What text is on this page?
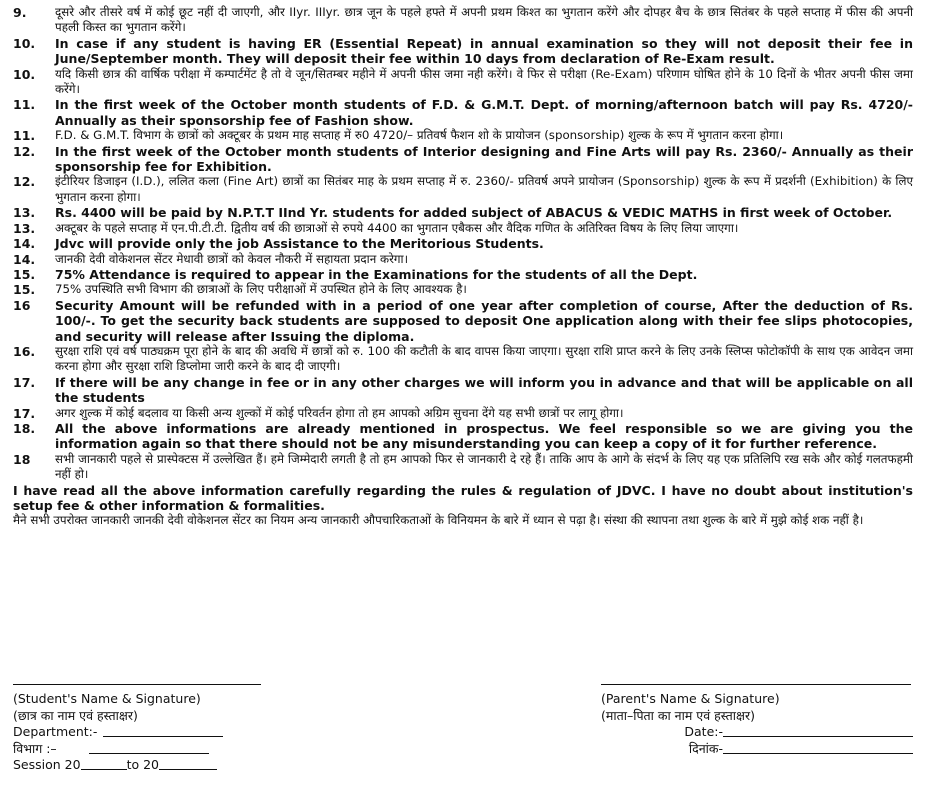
9.	दूसरे और तीसरे वर्ष में कोई छूट नहीं दी जाएगी, और IIyr. IIIyr. छात्र जून के पहले हफ्ते में अपनी प्रथम किश्त का भुगतान करेंगे और दोपहर बैच के छात्र सितंबर के पहले सप्ताह में फीस की अपनी पहली किस्त का भुगतान करेंगे।
10.	In case if any student is having ER (Essential Repeat) in annual examination so they will not deposit their fee in June/September month. They will deposit their fee within 10 days from declaration of Re-Exam result.
10.	यदि किसी छात्र की वार्षिक परीक्षा में कम्पार्टमेंट है तो वे जून/सितम्बर महीने में अपनी फीस जमा नही करेंगे। वे फिर से परीक्षा (Re-Exam) परिणाम घोषित होने के 10 दिनों के भीतर अपनी फीस जमा करेंगे।
11.	In the first week of the October month students of F.D. & G.M.T. Dept. of morning/afternoon batch will pay Rs. 4720/- Annually as their sponsorship fee of Fashion show.
11.	F.D. & G.M.T. विभाग के छात्रों को अक्टूबर के प्रथम माह सप्ताह में रु0 4720/– प्रतिवर्ष फैशन शो के प्रायोजन (sponsorship) शुल्क के रूप में भुगतान करना होगा।
12.	In the first week of the October month students of Interior designing and Fine Arts will pay Rs. 2360/- Annually as their sponsorship fee for Exhibition.
12.	इंटीरियर डिजाइन (I.D.), ललित कला (Fine Art) छात्रों का सितंबर माह के प्रथम सप्ताह में रु. 2360/- प्रतिवर्ष अपने प्रायोजन (Sponsorship) शुल्क के रूप में प्रदर्शनी (Exhibition) के लिए भुगतान करना होगा।
13.	Rs. 4400 will be paid by N.P.T.T IInd Yr. students for added subject of ABACUS & VEDIC MATHS in first week of October.
13.	अक्टूबर के पहले सप्ताह में एन.पी.टी.टी. द्वितीय वर्ष की छात्राओं से रुपये 4400 का भुगतान एबैकस और वैदिक गणित के अतिरिक्त विषय के लिए लिया जाएगा।
14.	Jdvc will provide only the job Assistance to the Meritorious Students.
14.	जानकी देवी वोकेशनल सेंटर मेधावी छात्रों को केवल नौकरी में सहायता प्रदान करेगा।
15.	75% Attendance is required to appear in the Examinations for the students of all the Dept.
15.	75% उपस्थिति सभी विभाग की छात्राओं के लिए परीक्षाओं में उपस्थित होने के लिए आवश्यक है।
16	Security Amount will be refunded with in a period of one year after completion of course, After the deduction of Rs. 100/-. To get the security back students are supposed to deposit One application along with their fee slips photocopies, and security will release after Issuing the diploma.
16.	सुरक्षा राशि एवं वर्ष पाठ्यक्रम पूरा होने के बाद की अवधि में छात्रों को रु. 100 की कटौती के बाद वापस किया जाएगा। सुरक्षा राशि प्राप्त करने के लिए उनके स्लिप्स फोटोकॉपी के साथ एक आवेदन जमा करना होगा और सुरक्षा राशि डिप्लोमा जारी करने के बाद दी जाएगी।
17.	If there will be any change in fee or in any other charges we will inform you in advance and that will be applicable on all the students
17.	अगर शुल्क में कोई बदलाव या किसी अन्य शुल्कों में कोई परिवर्तन होगा तो हम आपको अग्रिम सुचना देंगे यह सभी छात्रों पर लागू होगा।
18.	All the above informations are already mentioned in prospectus. We feel responsible so we are giving you the information again so that there should not be any misunderstanding you can keep a copy of it for further reference.
18	सभी जानकारी पहले से प्रास्पेक्टस में उल्लेखित हैं। हमे जिम्मेदारी लगती है तो हम आपको फिर से जानकारी दे रहे हैं। ताकि आप के आगे के संदर्भ के लिए यह एक प्रतिलिपि रख सके और कोई गलतफहमी नहीं हो।
I have read all the above information carefully regarding the rules & regulation of JDVC. I have no doubt about institution's setup fee & other information & formalities.
मैने सभी उपरोक्त जानकारी जानकी देवी वोकेशनल सेंटर का नियम अन्य जानकारी औपचारिकताओं के विनियमन के बारे में ध्यान से पढ़ा है। संस्था की स्थापना तथा शुल्क के बारे में मुझे कोई शक नहीं है।
(Student's Name & Signature)
(छात्र का नाम एवं हस्ताक्षर)
Department:-
विभाग :–
Session 20	to 20
(Parent's Name & Signature)
(माता–पिता का नाम एवं हस्ताक्षर)
Date:-
दिनांक-
